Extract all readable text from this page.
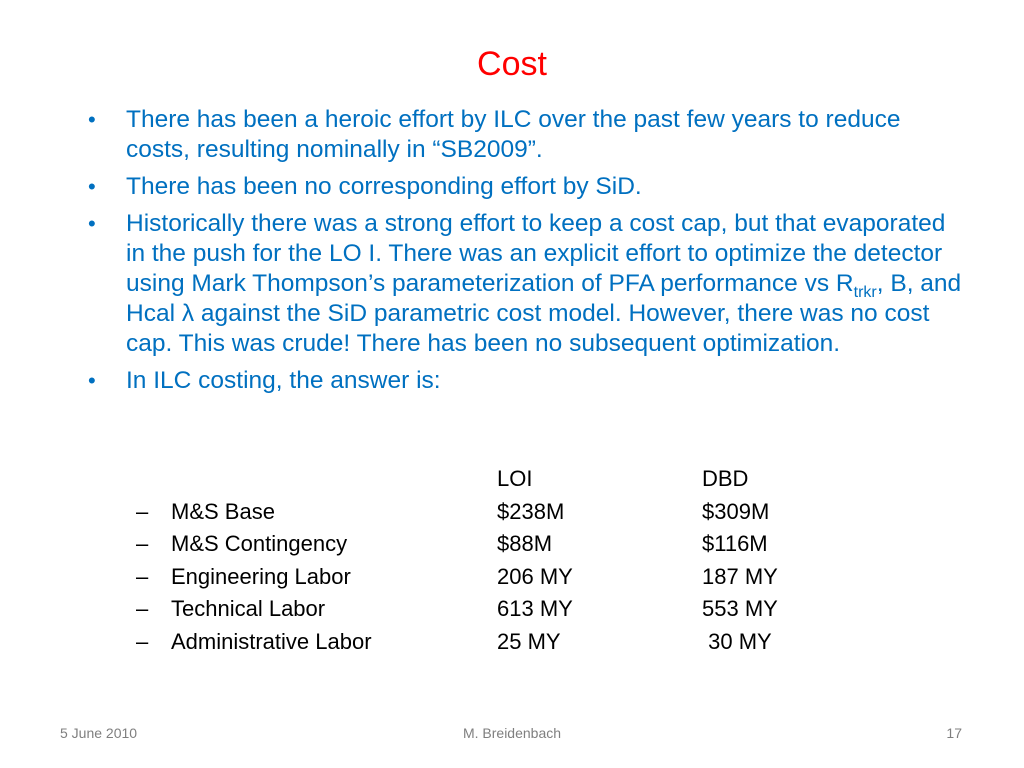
Cost
•	There has been a heroic effort by ILC over the past few years to reduce costs, resulting nominally in “SB2009”.
•	There has been no corresponding effort by SiD.
•	Historically there was a strong effort to keep a cost cap, but that evaporated in the push for the LO I. There was an explicit effort to optimize the detector using Mark Thompson’s parameterization of PFA performance vs $R_{trkr}$, B, and Hcal λ against the SiD parametric cost model. However, there was no cost cap. This was crude! There has been no subsequent optimization.
•	In ILC costing, the answer is:
	LOI	DBD
– M&S Base	$238M	$309M
– M&S Contingency	$88M	$116M
– Engineering Labor	206 MY	187 MY
– Technical Labor	613 MY	553 MY
– Administrative Labor	25 MY	30 MY
5 June 2010	M. Breidenbach	17
